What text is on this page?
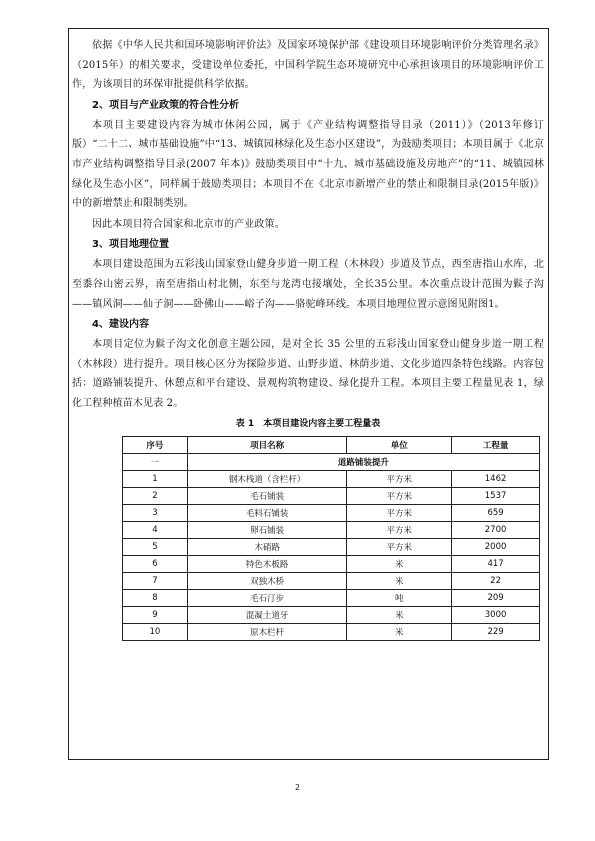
依据《中华人民共和国环境影响评价法》及国家环境保护部《建设项目环境影响评价分类管理名录》（2015年）的相关要求，受建设单位委托，中国科学院生态环境研究中心承担该项目的环境影响评价工作，为该项目的环保审批提供科学依据。

2、项目与产业政策的符合性分析

本项目主要建设内容为城市休闲公园，属于《产业结构调整指导目录（2011）》（2013年修订版）“二十二、城市基础设施”中“13、城镇园林绿化及生态小区建设”，为鼓励类项目；本项目属于《北京市产业结构调整指导目录(2007 年本)》鼓励类项目中“十九、城市基础设施及房地产”的“11、城镇园林绿化及生态小区”，同样属于鼓励类项目；本项目不在《北京市新增产业的禁止和限制目录(2015年版)》中的新增禁止和限制类别。

因此本项目符合国家和北京市的产业政策。

3、项目地理位置

本项目建设范围为五彩浅山国家登山健身步道一期工程（木林段）步道及节点，西至唐指山水库，北至黍谷山密云界，南至唐指山村北侧，东至与龙湾屯接壤处，全长35公里。本次重点设计范围为鬏子沟——镇风洞——仙子洞——卧佛山——峪子沟——骆驼峰环线。本项目地理位置示意图见附图1。

4、建设内容

本项目定位为鬏子沟文化创意主题公园，是对全长 35 公里的五彩浅山国家登山健身步道一期工程（木林段）进行提升。项目核心区分为探险步道、山野步道、林荫步道、文化步道四条特色线路。内容包括：道路铺装提升、休憩点和平台建设、景观构筑物建设、绿化提升工程。本项目主要工程量见表 1，绿化工程种植苗木见表 2。

表 1　本项目建设内容主要工程量表

序号	项目名称	单位	工程量
一	道路铺装提升		
1	钢木栈道（含栏杆）	平方米	1462
2	毛石铺装	平方米	1537
3	毛料石铺装	平方米	659
4	卵石铺装	平方米	2700
5	木硝路	平方米	2000
6	特色木板路	米	417
7	双独木桥	米	22
8	毛石汀步	吨	209
9	混凝土道牙	米	3000
10	原木栏杆	米	229
2
